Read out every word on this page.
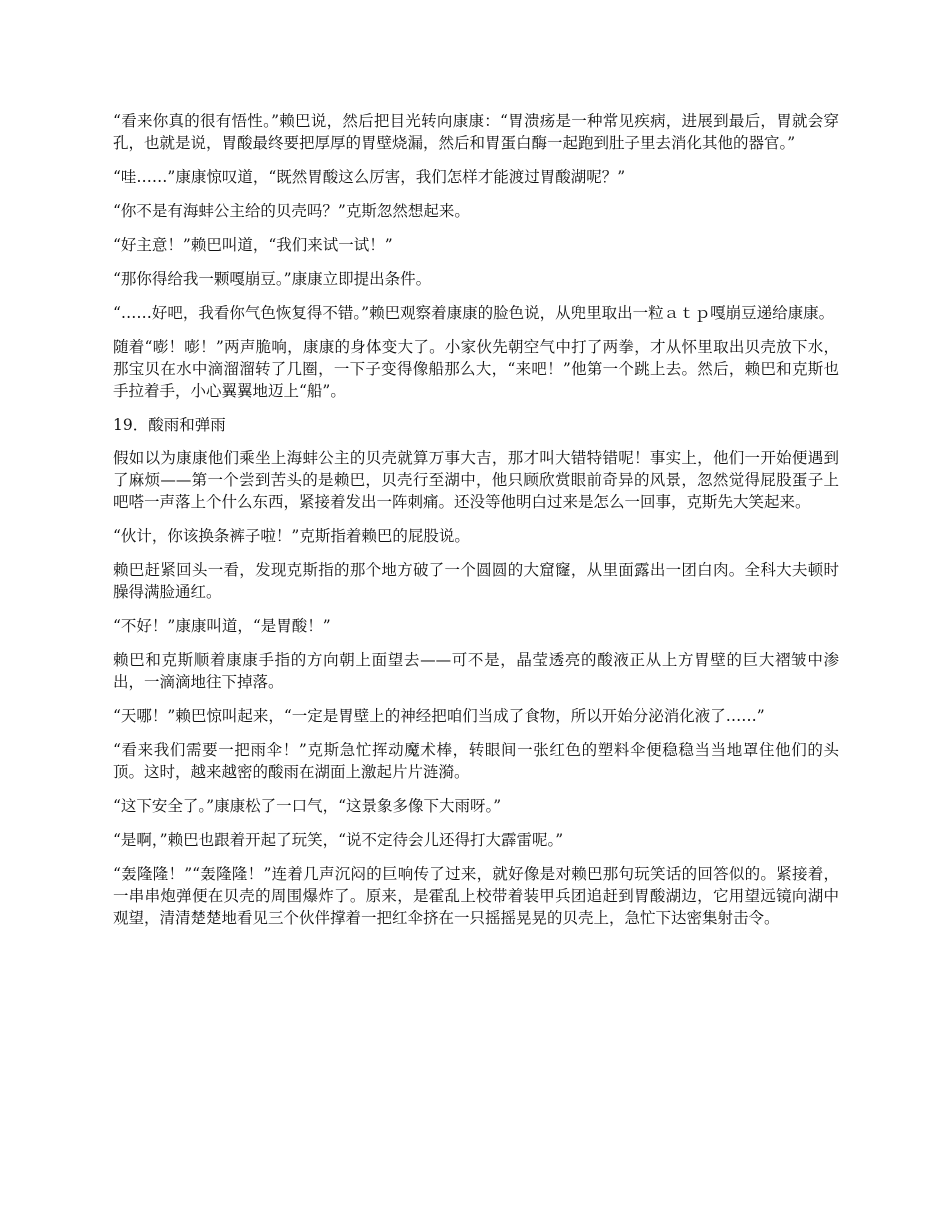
“看来你真的很有悟性。”赖巴说，然后把目光转向康康：“胃溃疡是一种常见疾病，进展到最后，胃就会穿孔，也就是说，胃酸最终要把厚厚的胃壁烧漏，然后和胃蛋白酶一起跑到肚子里去消化其他的器官。”

“哇……”康康惊叹道，“既然胃酸这么厉害，我们怎样才能渡过胃酸湖呢？”

“你不是有海蚌公主给的贝壳吗？”克斯忽然想起来。

“好主意！”赖巴叫道，“我们来试一试！”

“那你得给我一颗嘎崩豆。”康康立即提出条件。

“……好吧，我看你气色恢复得不错。”赖巴观察着康康的脸色说，从兜里取出一粒ａｔｐ嘎崩豆递给康康。

随着“嘭！嘭！”两声脆响，康康的身体变大了。小家伙先朝空气中打了两拳，才从怀里取出贝壳放下水，那宝贝在水中滴溜溜转了几圈，一下子变得像船那么大，“来吧！”他第一个跳上去。然后，赖巴和克斯也手拉着手，小心翼翼地迈上“船”。

19．酸雨和弹雨

假如以为康康他们乘坐上海蚌公主的贝壳就算万事大吉，那才叫大错特错呢！事实上，他们一开始便遇到了麻烦——第一个尝到苦头的是赖巴，贝壳行至湖中，他只顾欣赏眼前奇异的风景，忽然觉得屁股蛋子上吧嗒一声落上个什么东西，紧接着发出一阵刺痛。还没等他明白过来是怎么一回事，克斯先大笑起来。

“伙计，你该换条裤子啦！”克斯指着赖巴的屁股说。

赖巴赶紧回头一看，发现克斯指的那个地方破了一个圆圆的大窟窿，从里面露出一团白肉。全科大夫顿时臊得满脸通红。

“不好！”康康叫道，“是胃酸！”

赖巴和克斯顺着康康手指的方向朝上面望去——可不是，晶莹透亮的酸液正从上方胃壁的巨大褶皱中渗出，一滴滴地往下掉落。

“天哪！”赖巴惊叫起来，“一定是胃壁上的神经把咱们当成了食物，所以开始分泌消化液了……”

“看来我们需要一把雨伞！”克斯急忙挥动魔术棒，转眼间一张红色的塑料伞便稳稳当当地罩住他们的头顶。这时，越来越密的酸雨在湖面上激起片片涟漪。

“这下安全了。”康康松了一口气，“这景象多像下大雨呀。”

“是啊，”赖巴也跟着开起了玩笑，“说不定待会儿还得打大霹雷呢。”

“轰隆隆！”“轰隆隆！”连着几声沉闷的巨响传了过来，就好像是对赖巴那句玩笑话的回答似的。紧接着，一串串炮弹便在贝壳的周围爆炸了。原来，是霍乱上校带着装甲兵团追赶到胃酸湖边，它用望远镜向湖中观望，清清楚楚地看见三个伙伴撑着一把红伞挤在一只摇摇晃晃的贝壳上，急忙下达密集射击令。
